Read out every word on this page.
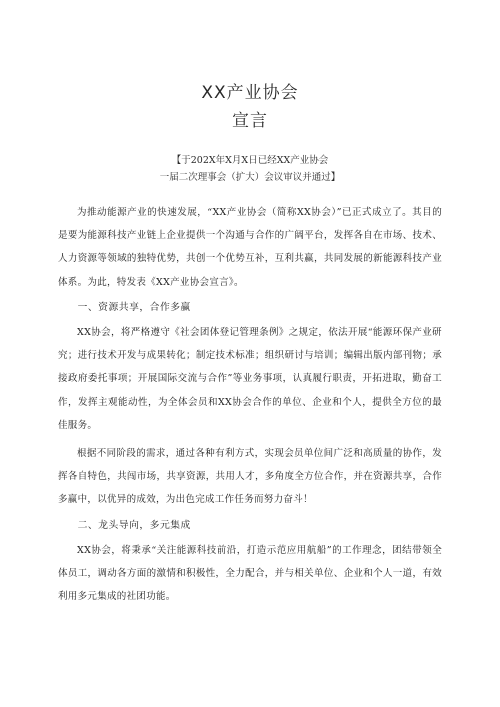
XX产业协会
宣言
【于202X年X月X日已经XX产业协会
一届二次理事会（扩大）会议审议并通过】

为推动能源产业的快速发展，“XX产业协会（简称XX协会）”已正式成立了。其目的是要为能源科技产业链上企业提供一个沟通与合作的广阔平台，发挥各自在市场、技术、人力资源等领域的独特优势，共创一个优势互补，互利共赢，共同发展的新能源科技产业体系。为此，特发表《XX产业协会宣言》。

一、资源共享，合作多赢

XX协会，将严格遵守《社会团体登记管理条例》之规定，依法开展“能源环保产业研究；进行技术开发与成果转化；制定技术标准；组织研讨与培训；编辑出版内部刊物；承接政府委托事项；开展国际交流与合作”等业务事项，认真履行职责，开拓进取，勤奋工作，发挥主观能动性，为全体会员和XX协会合作的单位、企业和个人，提供全方位的最佳服务。

根据不同阶段的需求，通过各种有利方式，实现会员单位间广泛和高质量的协作，发挥各自特色，共闯市场，共享资源，共用人才，多角度全方位合作，并在资源共享，合作多赢中，以优异的成效，为出色完成工作任务而努力奋斗！

二、龙头导向，多元集成

XX协会，将秉承“关注能源科技前沿，打造示范应用航船”的工作理念，团结带领全体员工，调动各方面的激情和积极性，全力配合，并与相关单位、企业和个人一道，有效利用多元集成的社团功能。
